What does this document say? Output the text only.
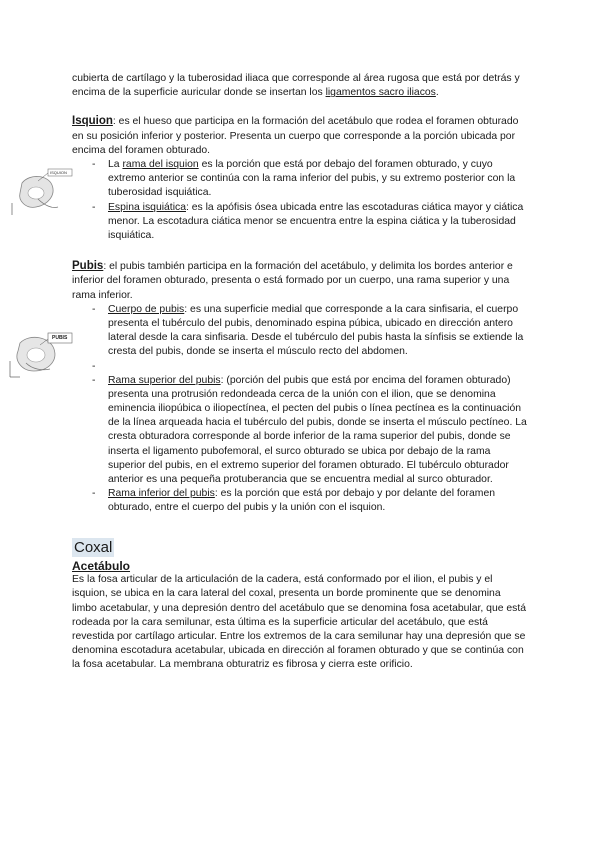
ISQUION
PUBIS

cubierta de cartílago y la tuberosidad iliaca que corresponde al área rugosa que está por detrás y encima de la superficie auricular donde se insertan los ligamentos sacro iliacos.

Isquion: es el hueso que participa en la formación del acetábulo que rodea el foramen obturado en su posición inferior y posterior. Presenta un cuerpo que corresponde a la porción ubicada por encima del foramen obturado.

- La rama del isquion es la porción que está por debajo del foramen obturado, y cuyo extremo anterior se continúa con la rama inferior del pubis, y su extremo posterior con la tuberosidad isquiática.
- Espina isquiática: es la apófisis ósea ubicada entre las escotaduras ciática mayor y ciática menor. La escotadura ciática menor se encuentra entre la espina ciática y la tuberosidad isquiática.

Pubis: el pubis también participa en la formación del acetábulo, y delimita los bordes anterior e inferior del foramen obturado, presenta o está formado por un cuerpo, una rama superior y una rama inferior.

- Cuerpo de pubis: es una superficie medial que corresponde a la cara sinfisaria, el cuerpo presenta el tubérculo del pubis, denominado espina púbica, ubicado en dirección antero lateral desde la cara sinfisaria. Desde el tubérculo del pubis hasta la sínfisis se extiende la cresta del pubis, donde se inserta el músculo recto del abdomen.
-
- Rama superior del pubis: (porción del pubis que está por encima del foramen obturado) presenta una protrusión redondeada cerca de la unión con el ilion, que se denomina eminencia iliopúbica o iliopectínea, el pecten del pubis o línea pectínea es la continuación de la línea arqueada hacia el tubérculo del pubis, donde se inserta el músculo pectíneo. La cresta obturadora corresponde al borde inferior de la rama superior del pubis, donde se inserta el ligamento pubofemoral, el surco obturado se ubica por debajo de la rama superior del pubis, en el extremo superior del foramen obturado. El tubérculo obturador anterior es una pequeña protuberancia que se encuentra medial al surco obturador.
- Rama inferior del pubis: es la porción que está por debajo y por delante del foramen obturado, entre el cuerpo del pubis y la unión con el isquion.
Coxal
Acetábulo

Es la fosa articular de la articulación de la cadera, está conformado por el ilion, el pubis y el isquion, se ubica en la cara lateral del coxal, presenta un borde prominente que se denomina limbo acetabular, y una depresión dentro del acetábulo que se denomina fosa acetabular, que está rodeada por la cara semilunar, esta última es la superficie articular del acetábulo, que está revestida por cartílago articular. Entre los extremos de la cara semilunar hay una depresión que se denomina escotadura acetabular, ubicada en dirección al foramen obturado y que se continúa con la fosa acetabular. La membrana obturatriz es fibrosa y cierra este orificio.
